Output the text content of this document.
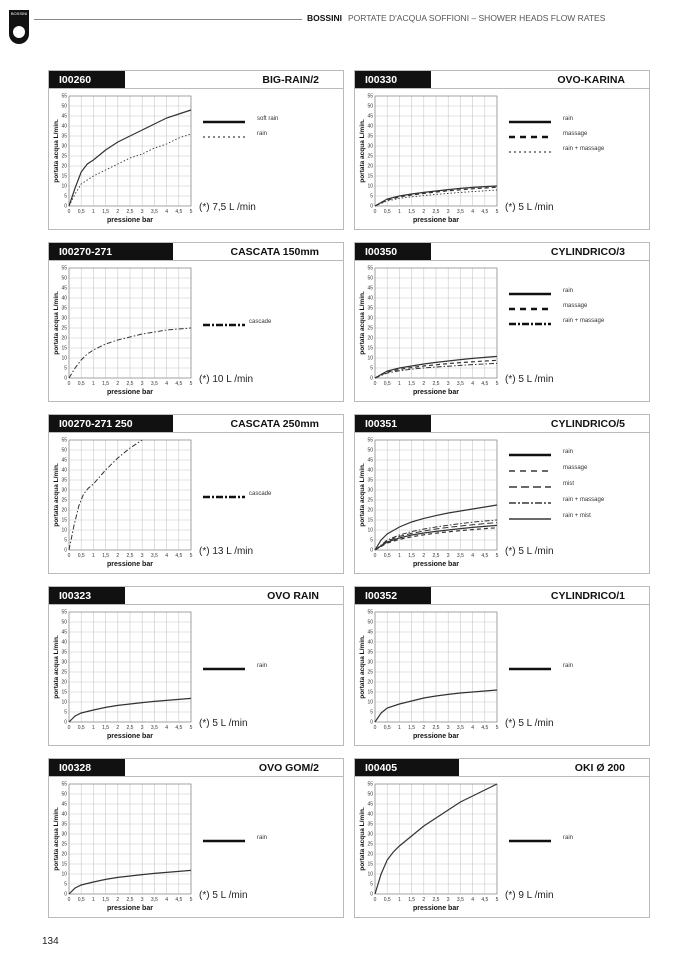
BOSSINI	BOSSINI PORTATE D'ACQUA SOFFIONI – SHOWER HEADS FLOW RATES
I00260	BIG-RAIN/2
0 0,5 1 1,5 2 2,5 3 3,5 4 4,5 5
0
5
10
15
20
25
30
35
40
45
50
55
pressione bar
portata acqua L/min.
soft rain
rain
(*) 7,5 L /min
I00330	OVO-KARINA
0 0,5 1 1,5 2 2,5 3 3,5 4 4,5 5
0
5
10
15
20
25
30
35
40
45
50
55
pressione bar
portata acqua L/min.
rain
massage
rain + massage
(*) 5 L /min
I00270-271	CASCATA 150mm
0 0,5 1 1,5 2 2,5 3 3,5 4 4,5 5
0
5
10
15
20
25
30
35
40
45
50
55
pressione bar
portata acqua L/min.	cascade
(*) 10 L /min
I00350	CYLINDRICO/3
0 0,5 1 1,5 2 2,5 3 3,5 4 4,5 5
0
5
10
15
20
25
30
35
40
45
50
55
pressione bar
portata acqua L/min.
rain
massage
rain + massage
(*) 5 L /min
I00270-271 250	CASCATA 250mm
0 0,5 1 1,5 2 2,5 3 3,5 4 4,5 5
0
5
10
15
20
25
30
35
40
45
50
55
pressione bar
portata acqua L/min.	cascade
(*) 13 L /min
I00351	CYLINDRICO/5
0 0,5 1 1,5 2 2,5 3 3,5 4 4,5 5
0
5
10
15
20
25
30
35
40
45
50
55
pressione bar
portata acqua L/min.
rain
massage
mist
rain + massage
rain + mist
(*) 5 L /min
I00323	OVO RAIN
0 0,5 1 1,5 2 2,5 3 3,5 4 4,5 5
0
5
10
15
20
25
30
35
40
45
50
55
pressione bar
portata acqua L/min.	rain
(*) 5 L /min
I00352	CYLINDRICO/1
0 0,5 1 1,5 2 2,5 3 3,5 4 4,5 5
0
5
10
15
20
25
30
35
40
45
50
55
pressione bar
portata acqua L/min.	rain
(*) 5 L /min
I00328	OVO GOM/2
0 0,5 1 1,5 2 2,5 3 3,5 4 4,5 5
0
5
10
15
20
25
30
35
40
45
50
55
pressione bar
portata acqua L/min.	rain
(*) 5 L /min
I00405	OKI Ø 200
0 0,5 1 1,5 2 2,5 3 3,5 4 4,5 5
0
5
10
15
20
25
30
35
40
45
50
55
pressione bar
portata acqua L/min.	rain
(*) 9 L /min
134
